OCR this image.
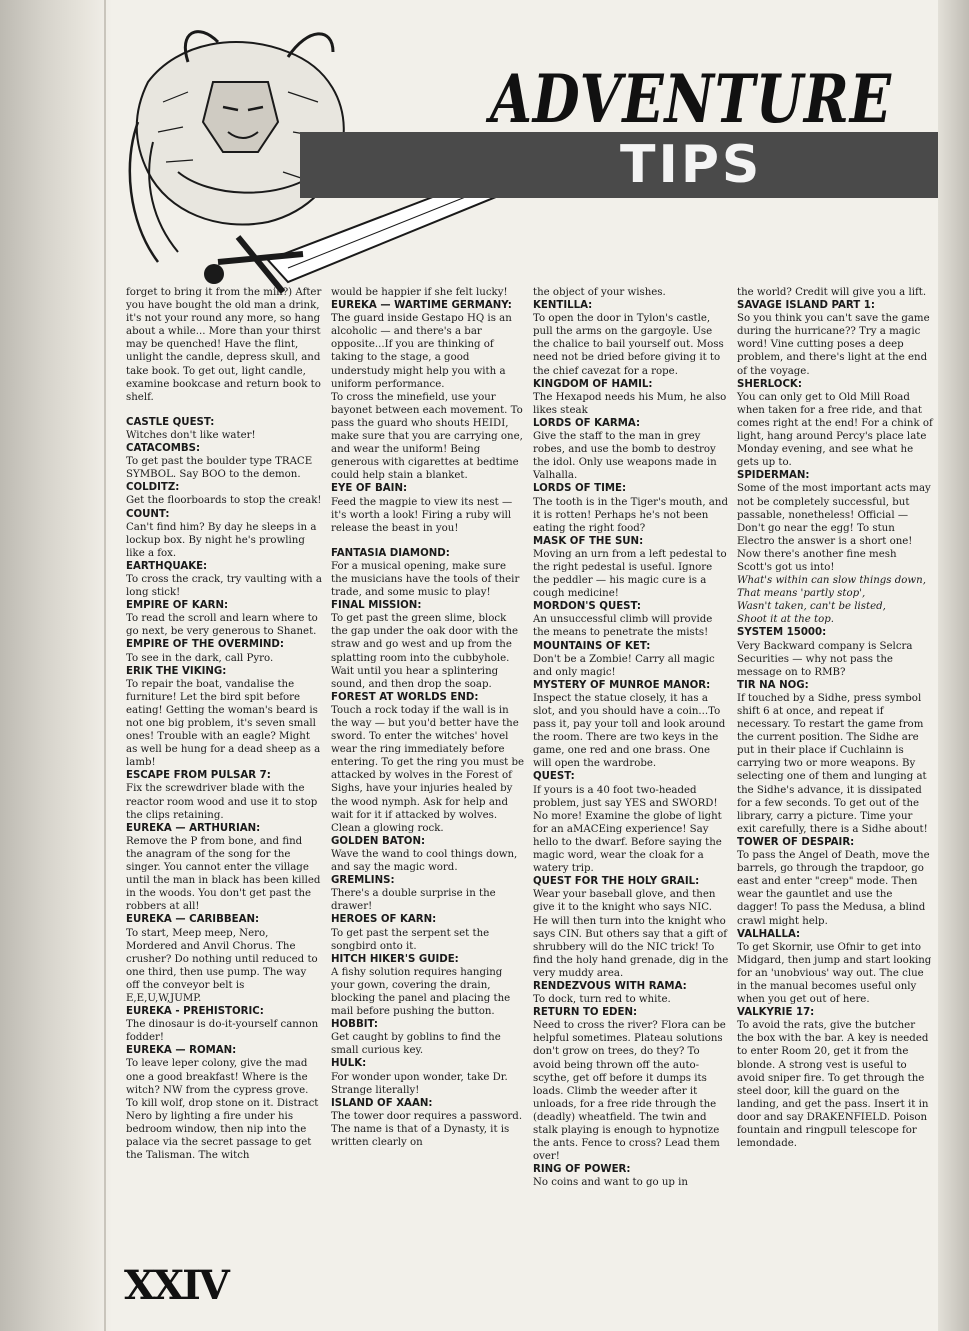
ADVENTURE
TIPS

forget to bring it from the mill?) After you have bought the old man a drink, it's not your round any more, so hang about a while... More than your thirst may be quenched! Have the flint, unlight the candle, depress skull, and take book. To get out, light candle, examine bookcase and return book to shelf.

CASTLE QUEST:

Witches don't like water!

CATACOMBS:

To get past the boulder type TRACE SYMBOL. Say BOO to the demon.

COLDITZ:

Get the floorboards to stop the creak!

COUNT:

Can't find him? By day he sleeps in a lockup box. By night he's prowling like a fox.

EARTHQUAKE:

To cross the crack, try vaulting with a long stick!

EMPIRE OF KARN:

To read the scroll and learn where to go next, be very generous to Shanet.

EMPIRE OF THE OVERMIND:

To see in the dark, call Pyro.

ERIK THE VIKING:

To repair the boat, vandalise the furniture! Let the bird spit before eating! Getting the woman's beard is not one big problem, it's seven small ones! Trouble with an eagle? Might as well be hung for a dead sheep as a lamb!

ESCAPE FROM PULSAR 7:

Fix the screwdriver blade with the reactor room wood and use it to stop the clips retaining.

EUREKA — ARTHURIAN:

Remove the P from bone, and find the anagram of the song for the singer. You cannot enter the village until the man in black has been killed in the woods. You don't get past the robbers at all!

EUREKA — CARIBBEAN:

To start, Meep meep, Nero, Mordered and Anvil Chorus. The crusher? Do nothing until reduced to one third, then use pump. The way off the conveyor belt is E,E,U,W,JUMP.

EUREKA - PREHISTORIC:

The dinosaur is do-it-yourself cannon fodder!

EUREKA — ROMAN:

To leave leper colony, give the mad one a good breakfast! Where is the witch? NW from the cypress grove. To kill wolf, drop stone on it. Distract Nero by lighting a fire under his bedroom window, then nip into the palace via the secret passage to get the Talisman. The witch

would be happier if she felt lucky!

EUREKA — WARTIME GERMANY:

The guard inside Gestapo HQ is an alcoholic — and there's a bar opposite...If you are thinking of taking to the stage, a good understudy might help you with a uniform performance.

To cross the minefield, use your bayonet between each movement. To pass the guard who shouts HEIDI, make sure that you are carrying one, and wear the uniform! Being generous with cigarettes at bedtime could help stain a blanket.

EYE OF BAIN:

Feed the magpie to view its nest — it's worth a look! Firing a ruby will release the beast in you!

FANTASIA DIAMOND:

For a musical opening, make sure the musicians have the tools of their trade, and some music to play!

FINAL MISSION:

To get past the green slime, block the gap under the oak door with the straw and go west and up from the splatting room into the cubbyhole. Wait until you hear a splintering sound, and then drop the soap.

FOREST AT WORLDS END:

Touch a rock today if the wall is in the way — but you'd better have the sword. To enter the witches' hovel wear the ring immediately before entering. To get the ring you must be attacked by wolves in the Forest of Sighs, have your injuries healed by the wood nymph. Ask for help and wait for it if attacked by wolves. Clean a glowing rock.

GOLDEN BATON:

Wave the wand to cool things down, and say the magic word.

GREMLINS:

There's a double surprise in the drawer!

HEROES OF KARN:

To get past the serpent set the songbird onto it.

HITCH HIKER'S GUIDE:

A fishy solution requires hanging your gown, covering the drain, blocking the panel and placing the mail before pushing the button.

HOBBIT:

Get caught by goblins to find the small curious key.

HULK:

For wonder upon wonder, take Dr. Strange literally!

ISLAND OF XAAN:

The tower door requires a password. The name is that of a Dynasty, it is written clearly on

the object of your wishes.

KENTILLA:

To open the door in Tylon's castle, pull the arms on the gargoyle. Use the chalice to bail yourself out. Moss need not be dried before giving it to the chief cavezat for a rope.

KINGDOM OF HAMIL:

The Hexapod needs his Mum, he also likes steak

LORDS OF KARMA:

Give the staff to the man in grey robes, and use the bomb to destroy the idol. Only use weapons made in Valhalla.

LORDS OF TIME:

The tooth is in the Tiger's mouth, and it is rotten! Perhaps he's not been eating the right food?

MASK OF THE SUN:

Moving an urn from a left pedestal to the right pedestal is useful. Ignore the peddler — his magic cure is a cough medicine!

MORDON'S QUEST:

An unsuccessful climb will provide the means to penetrate the mists!

MOUNTAINS OF KET:

Don't be a Zombie! Carry all magic and only magic!

MYSTERY OF MUNROE MANOR:

Inspect the statue closely, it has a slot, and you should have a coin...To pass it, pay your toll and look around the room. There are two keys in the game, one red and one brass. One will open the wardrobe.

QUEST:

If yours is a 40 foot two-headed problem, just say YES and SWORD! No more! Examine the globe of light for an aMACEing experience! Say hello to the dwarf. Before saying the magic word, wear the cloak for a watery trip.

QUEST FOR THE HOLY GRAIL:

Wear your baseball glove, and then give it to the knight who says NIC. He will then turn into the knight who says CIN. But others say that a gift of shrubbery will do the NIC trick! To find the holy hand grenade, dig in the very muddy area.

RENDEZVOUS WITH RAMA:

To dock, turn red to white.

RETURN TO EDEN:

Need to cross the river? Flora can be helpful sometimes. Plateau solutions don't grow on trees, do they? To avoid being thrown off the auto-scythe, get off before it dumps its loads. Climb the weeder after it unloads, for a free ride through the (deadly) wheatfield. The twin and stalk playing is enough to hypnotize the ants. Fence to cross? Lead them over!

RING OF POWER:

No coins and want to go up in

the world? Credit will give you a lift.

SAVAGE ISLAND PART 1:

So you think you can't save the game during the hurricane?? Try a magic word! Vine cutting poses a deep problem, and there's light at the end of the voyage.

SHERLOCK:

You can only get to Old Mill Road when taken for a free ride, and that comes right at the end! For a chink of light, hang around Percy's place late Monday evening, and see what he gets up to.

SPIDERMAN:

Some of the most important acts may not be completely successful, but passable, nonetheless! Official — Don't go near the egg! To stun Electro the answer is a short one! Now there's another fine mesh Scott's got us into!

What's within can slow things down,

That means 'partly stop',

Wasn't taken, can't be listed,

Shoot it at the top.

SYSTEM 15000:

Very Backward company is Selcra Securities — why not pass the message on to RMB?

TIR NA NOG:

If touched by a Sidhe, press symbol shift 6 at once, and repeat if necessary. To restart the game from the current position. The Sidhe are put in their place if Cuchlainn is carrying two or more weapons. By selecting one of them and lunging at the Sidhe's advance, it is dissipated for a few seconds. To get out of the library, carry a picture. Time your exit carefully, there is a Sidhe about!

TOWER OF DESPAIR:

To pass the Angel of Death, move the barrels, go through the trapdoor, go east and enter "creep" mode. Then wear the gauntlet and use the dagger! To pass the Medusa, a blind crawl might help.

VALHALLA:

To get Skornir, use Ofnir to get into Midgard, then jump and start looking for an 'unobvious' way out. The clue in the manual becomes useful only when you get out of here.

VALKYRIE 17:

To avoid the rats, give the butcher the box with the bar. A key is needed to enter Room 20, get it from the blonde. A strong vest is useful to avoid sniper fire. To get through the steel door, kill the guard on the landing, and get the pass. Insert it in door and say DRAKENFIELD. Poison fountain and ringpull telescope for lemondade.

XXIV
